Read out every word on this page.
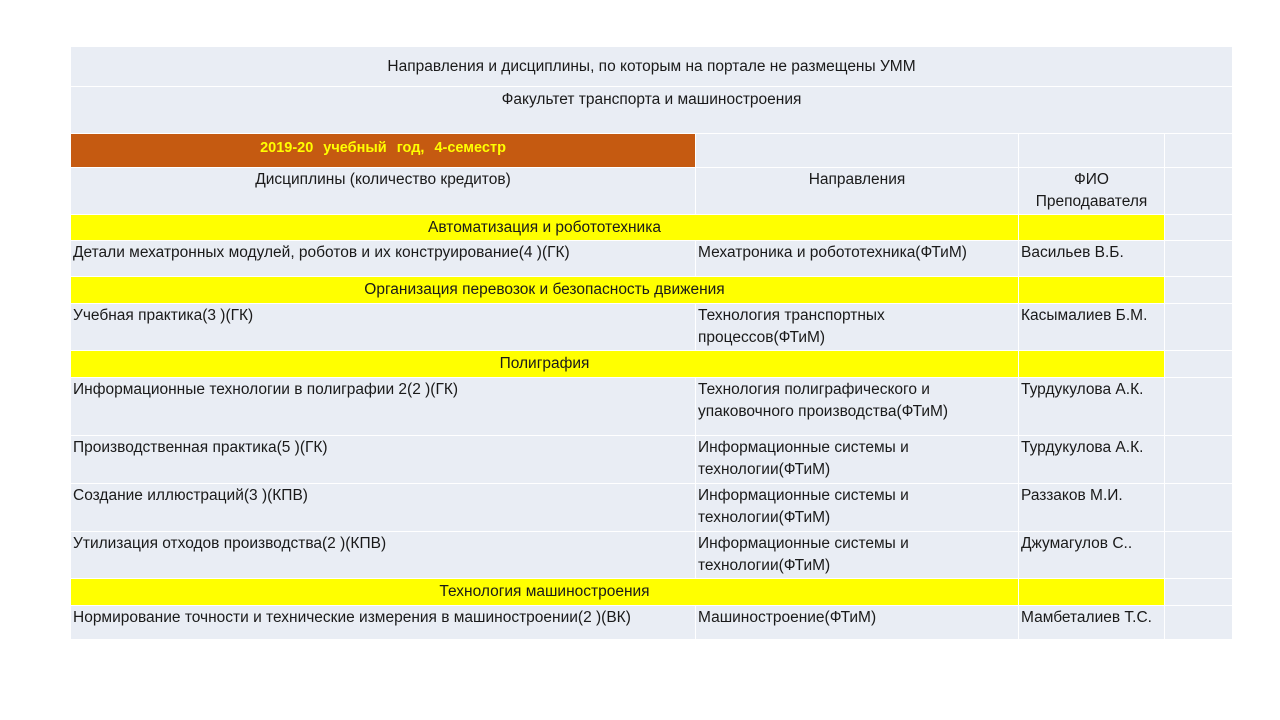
Направления и дисциплины, по которым на портале не размещены УММ			
Факультет транспорта и машиностроения			
2019-20 учебный год, 4-семестр			
Дисциплины (количество кредитов)	Направления	ФИО Преподавателя	
Автоматизация и робототехника			
Детали мехатронных модулей, роботов и их конструирование(4 )(ГК)	Мехатроника и робототехника(ФТиМ)	Васильев В.Б.	
Организация перевозок и безопасность движения			
Учебная практика(3 )(ГК)	Технология транспортных процессов(ФТиМ)	Касымалиев Б.М.	
Полиграфия			
Информационные технологии в полиграфии 2(2 )(ГК)	Технология полиграфического и упаковочного производства(ФТиМ)	Турдукулова А.К.	
Производственная практика(5 )(ГК)	Информационные системы и технологии(ФТиМ)	Турдукулова А.К.	
Создание иллюстраций(3 )(КПВ)	Информационные системы и технологии(ФТиМ)	Раззаков М.И.	
Утилизация отходов производства(2 )(КПВ)	Информационные системы и технологии(ФТиМ)	Джумагулов С..	
Технология машиностроения			
Нормирование точности и технические измерения в машиностроении(2 )(ВК)	Машиностроение(ФТиМ)	Мамбеталиев Т.С.	
